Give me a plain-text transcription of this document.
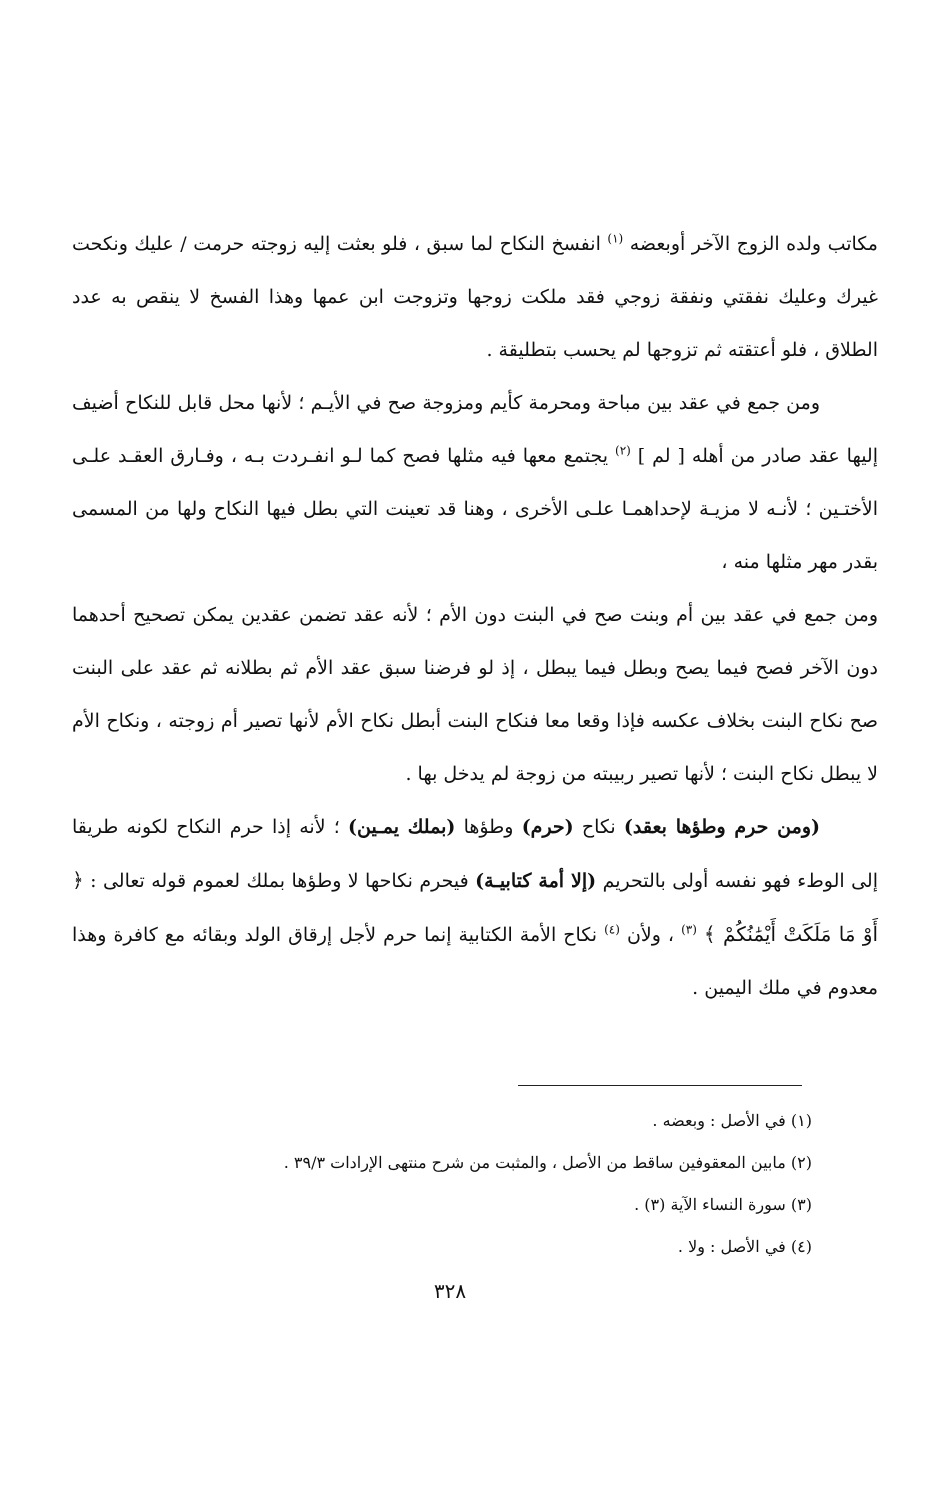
مكاتب ولده الزوج الآخر أوبعضه $^{(١)}$ انفسخ النكاح لما سبق ، فلو بعثت إليه زوجته حرمت / عليك ونكحت غيرك وعليك نفقتي ونفقة زوجي فقد ملكت زوجها وتزوجت ابن عمها وهذا الفسخ لا ينقص به عدد الطلاق ، فلو أعتقته ثم تزوجها لم يحسب بتطليقة .

ومن جمع في عقد بين مباحة ومحرمة كأيم ومزوجة صح في الأيـم ؛ لأنها محل قابل للنكاح أضيف إليها عقد صادر من أهله [ لم ] $^{(٢)}$ يجتمع معها فيه مثلها فصح كما لـو انفـردت بـه ، وفـارق العقـد علـى الأختـين ؛ لأنـه لا مزيـة لإحداهمـا علـى الأخرى ، وهنا قد تعينت التي بطل فيها النكاح ولها من المسمى بقدر مهر مثلها منه ،

ومن جمع في عقد بين أم وبنت صح في البنت دون الأم ؛ لأنه عقد تضمن عقدين يمكن تصحيح أحدهما دون الآخر فصح فيما يصح وبطل فيما يبطل ، إذ لو فرضنا سبق عقد الأم ثم بطلانه ثم عقد على البنت صح نكاح البنت بخلاف عكسه فإذا وقعا معا فنكاح البنت أبطل نكاح الأم لأنها تصير أم زوجته ، ونكاح الأم لا يبطل نكاح البنت ؛ لأنها تصير ربيبته من زوجة لم يدخل بها .

(ومن حرم وطؤها بعقد) نكاح (حرم) وطؤها (بملك يمـين) ؛ لأنه إذا حرم النكاح لكونه طريقا إلى الوطء فهو نفسه أولى بالتحريم (إلا أمة كتابيـة) فيحرم نكاحها لا وطؤها بملك لعموم قوله تعالى : ﴿ أَوْ مَا مَلَكَتْ أَيْمَٰنُكُمْ ﴾ $^{(٣)}$ ، ولأن $^{(٤)}$ نكاح الأمة الكتابية إنما حرم لأجل إرقاق الولد وبقائه مع كافرة وهذا معدوم في ملك اليمين .

(١) في الأصل : وبعضه .
(٢) مابين المعقوفين ساقط من الأصل ، والمثبت من شرح منتهى الإرادات ٣٩/٣ .
(٣) سورة النساء الآية (٣) .
(٤) في الأصل : ولا .
٣٢٨
